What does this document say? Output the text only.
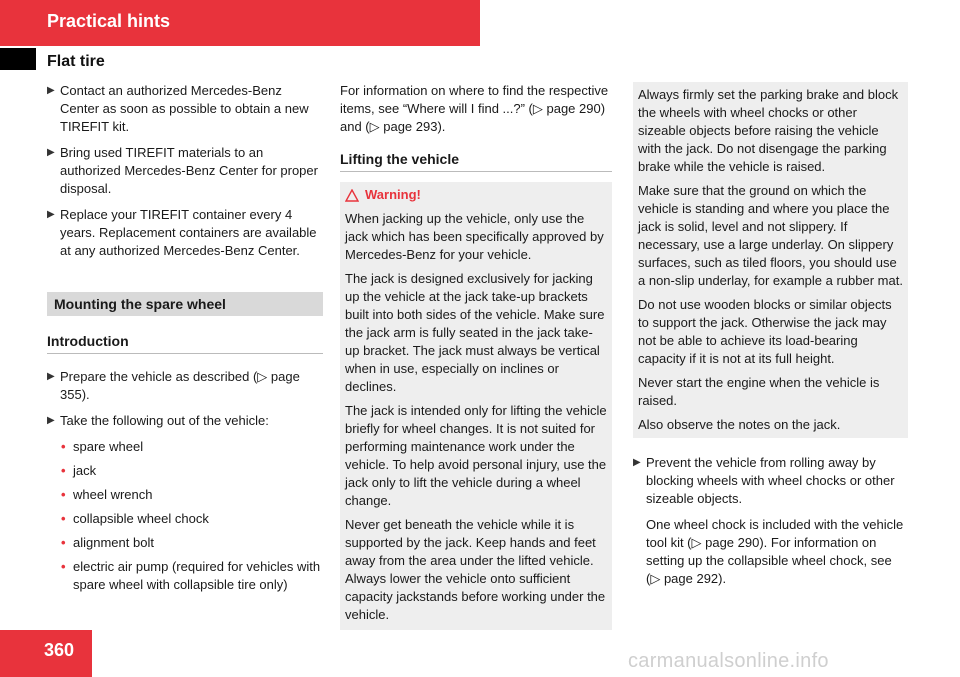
Practical hints
Flat tire
▶ Contact an authorized Mercedes-Benz Center as soon as possible to obtain a new TIREFIT kit.
▶ Bring used TIREFIT materials to an authorized Mercedes-Benz Center for proper disposal.
▶ Replace your TIREFIT container every 4 years. Replacement containers are available at any authorized Mercedes-Benz Center.
Mounting the spare wheel
Introduction
▶ Prepare the vehicle as described (▷ page 355).
▶ Take the following out of the vehicle:
• spare wheel
• jack
• wheel wrench
• collapsible wheel chock
• alignment bolt
• electric air pump (required for vehicles with spare wheel with collapsible tire only)

For information on where to find the respective items, see “Where will I find ...?” (▷ page 290) and (▷ page 293).

Lifting the vehicle
Warning!

When jacking up the vehicle, only use the jack which has been specifically approved by Mercedes-Benz for your vehicle.

The jack is designed exclusively for jacking up the vehicle at the jack take-up brackets built into both sides of the vehicle. Make sure the jack arm is fully seated in the jack take-up bracket. The jack must always be vertical when in use, especially on inclines or declines.

The jack is intended only for lifting the vehicle briefly for wheel changes. It is not suited for performing maintenance work under the vehicle. To help avoid personal injury, use the jack only to lift the vehicle during a wheel change.

Never get beneath the vehicle while it is supported by the jack. Keep hands and feet away from the area under the lifted vehicle. Always lower the vehicle onto sufficient capacity jackstands before working under the vehicle.

Always firmly set the parking brake and block the wheels with wheel chocks or other sizeable objects before raising the vehicle with the jack. Do not disengage the parking brake while the vehicle is raised.

Make sure that the ground on which the vehicle is standing and where you place the jack is solid, level and not slippery. If necessary, use a large underlay. On slippery surfaces, such as tiled floors, you should use a non-slip underlay, for example a rubber mat.

Do not use wooden blocks or similar objects to support the jack. Otherwise the jack may not be able to achieve its load-bearing capacity if it is not at its full height.

Never start the engine when the vehicle is raised.

Also observe the notes on the jack.

▶ Prevent the vehicle from rolling away by blocking wheels with wheel chocks or other sizeable objects.

One wheel chock is included with the vehicle tool kit (▷ page 290). For information on setting up the collapsible wheel chock, see (▷ page 292).

360	carmanualsonline.info
